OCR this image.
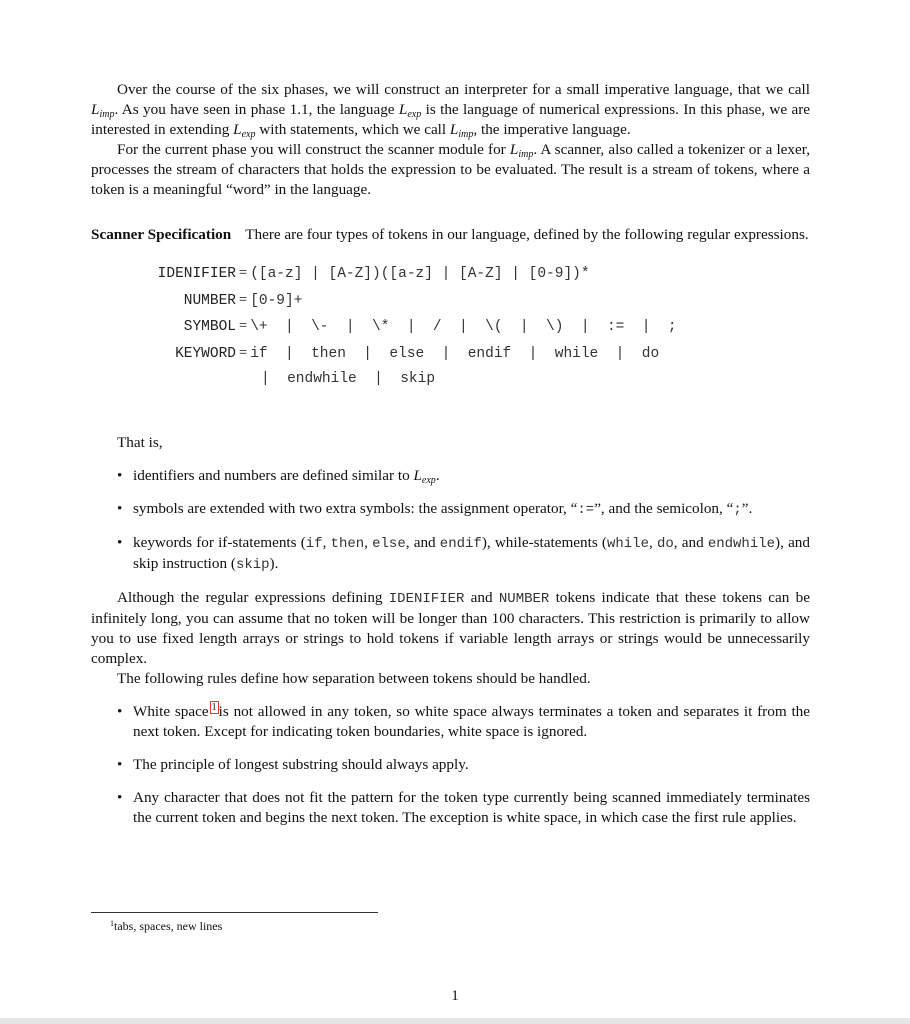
Over the course of the six phases, we will construct an interpreter for a small imperative language, that we call $L_{imp}$. As you have seen in phase 1.1, the language $L_{exp}$ is the language of numerical expressions. In this phase, we are interested in extending $L_{exp}$ with statements, which we call $L_{imp}$, the imperative language.

For the current phase you will construct the scanner module for $L_{imp}$. A scanner, also called a tokenizer or a lexer, processes the stream of characters that holds the expression to be evaluated. The result is a stream of tokens, where a token is a meaningful “word” in the language.

Scanner Specification There are four types of tokens in our language, defined by the following regular expressions.

IDENIFIER = ([a-z] | [A-Z])([a-z] | [A-Z] | [0-9])*
NUMBER = [0-9]+
SYMBOL = \+  |  \-  |  \*  |  /  |  \(  |  \)  |  :=  |  ;
KEYWORD = if  |  then  |  else  |  endif  |  while  |  do
|  endwhile  |  skip

That is,

• identifiers and numbers are defined similar to $L_{exp}$.
• symbols are extended with two extra symbols: the assignment operator, “:=”, and the semicolon, “;”.
• keywords for if-statements (if, then, else, and endif), while-statements (while, do, and endwhile), and skip instruction (skip).

Although the regular expressions defining IDENIFIER and NUMBER tokens indicate that these tokens can be infinitely long, you can assume that no token will be longer than 100 characters. This restriction is primarily to allow you to use fixed length arrays or strings to hold tokens if variable length arrays or strings would be unnecessarily complex.

The following rules define how separation between tokens should be handled.

• White space $^1$ is not allowed in any token, so white space always terminates a token and separates it from the next token. Except for indicating token boundaries, white space is ignored.
• The principle of longest substring should always apply.
• Any character that does not fit the pattern for the token type currently being scanned immediately terminates the current token and begins the next token. The exception is white space, in which case the first rule applies.
$^1$tabs, spaces, new lines
1
